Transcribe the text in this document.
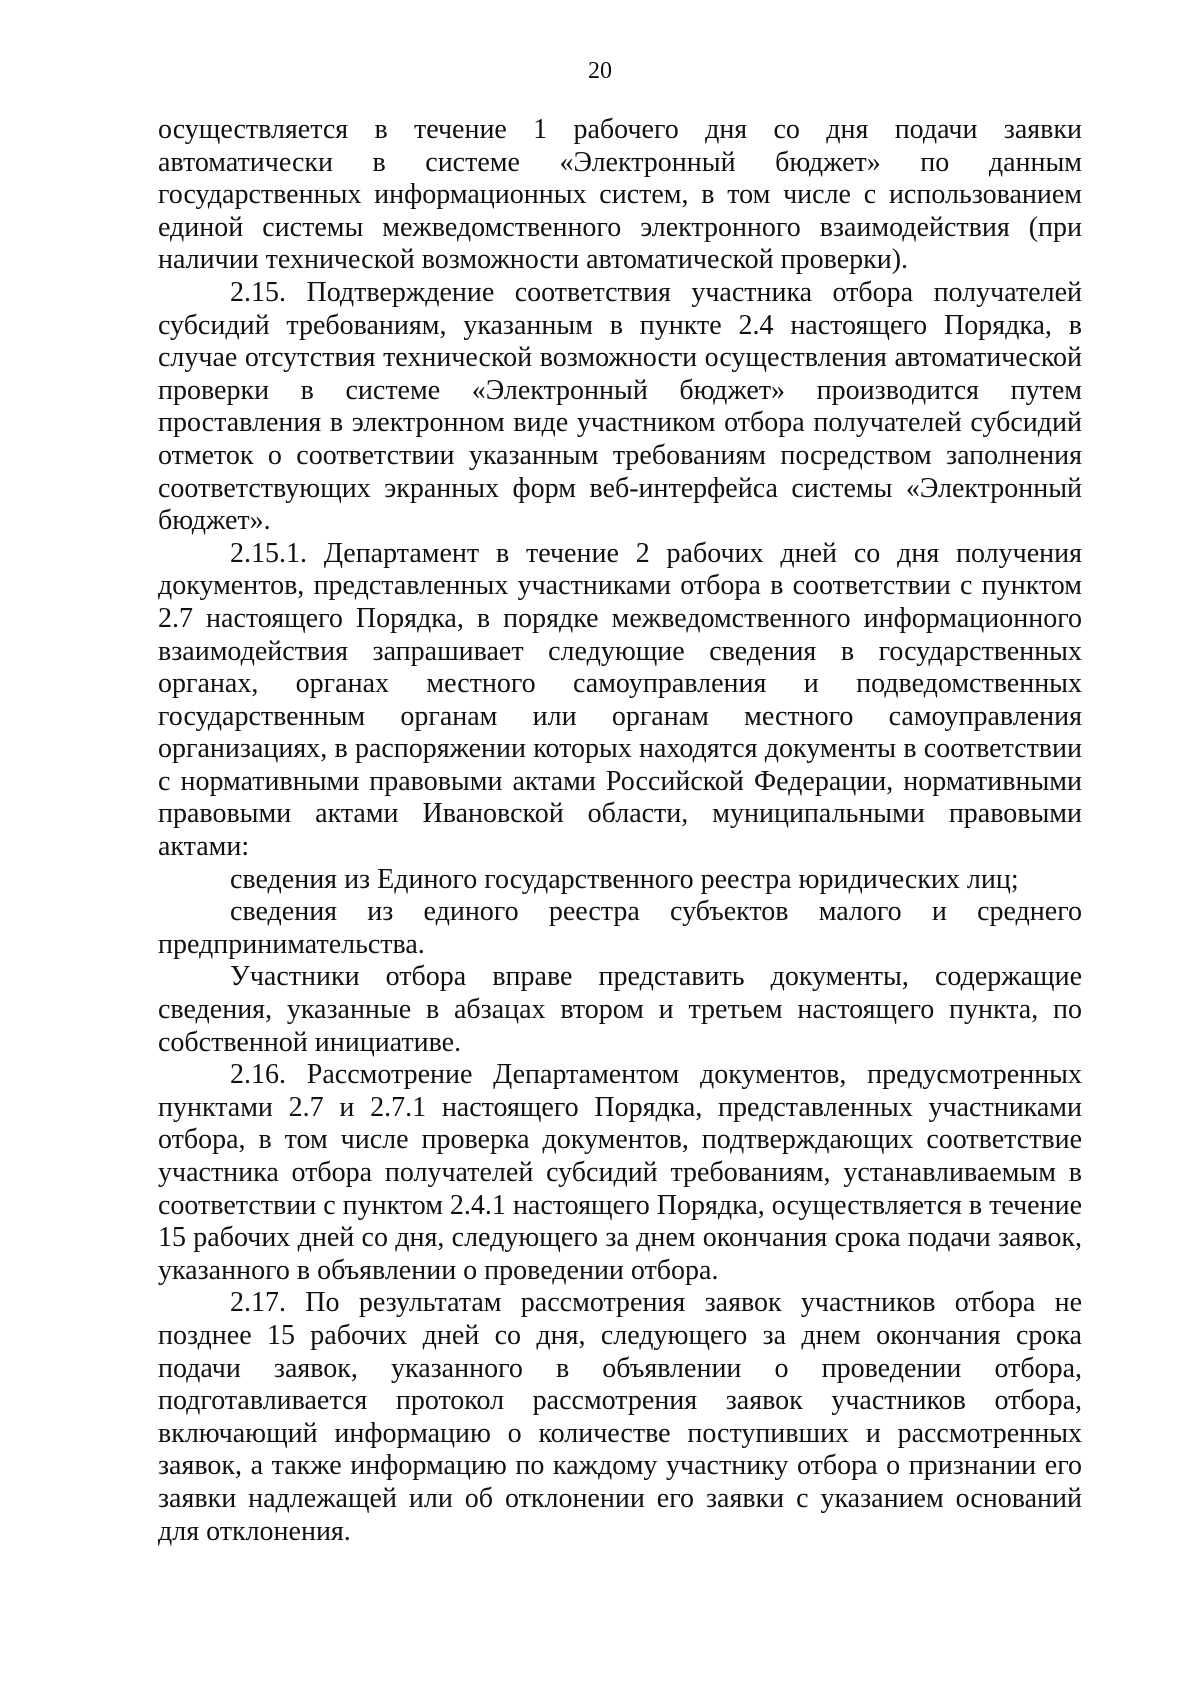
20

осуществляется в течение 1 рабочего дня со дня подачи заявки автоматически в системе «Электронный бюджет» по данным государственных информационных систем, в том числе с использованием единой системы межведомственного электронного взаимодействия (при наличии технической возможности автоматической проверки).

2.15. Подтверждение соответствия участника отбора получателей субсидий требованиям, указанным в пункте 2.4 настоящего Порядка, в случае отсутствия технической возможности осуществления автоматической проверки в системе «Электронный бюджет» производится путем проставления в электронном виде участником отбора получателей субсидий отметок о соответствии указанным требованиям посредством заполнения соответствующих экранных форм веб-интерфейса системы «Электронный бюджет».

2.15.1. Департамент в течение 2 рабочих дней со дня получения документов, представленных участниками отбора в соответствии с пунктом 2.7 настоящего Порядка, в порядке межведомственного информационного взаимодействия запрашивает следующие сведения в государственных органах, органах местного самоуправления и подведомственных государственным органам или органам местного самоуправления организациях, в распоряжении которых находятся документы в соответствии с нормативными правовыми актами Российской Федерации, нормативными правовыми актами Ивановской области, муниципальными правовыми актами:

сведения из Единого государственного реестра юридических лиц;

сведения из единого реестра субъектов малого и среднего предпринимательства.

Участники отбора вправе представить документы, содержащие сведения, указанные в абзацах втором и третьем настоящего пункта, по собственной инициативе.

2.16. Рассмотрение Департаментом документов, предусмотренных пунктами 2.7 и 2.7.1 настоящего Порядка, представленных участниками отбора, в том числе проверка документов, подтверждающих соответствие участника отбора получателей субсидий требованиям, устанавливаемым в соответствии с пунктом 2.4.1 настоящего Порядка, осуществляется в течение 15 рабочих дней со дня, следующего за днем окончания срока подачи заявок, указанного в объявлении о проведении отбора.

2.17. По результатам рассмотрения заявок участников отбора не позднее 15 рабочих дней со дня, следующего за днем окончания срока подачи заявок, указанного в объявлении о проведении отбора, подготавливается протокол рассмотрения заявок участников отбора, включающий информацию о количестве поступивших и рассмотренных заявок, а также информацию по каждому участнику отбора о признании его заявки надлежащей или об отклонении его заявки с указанием оснований для отклонения.
